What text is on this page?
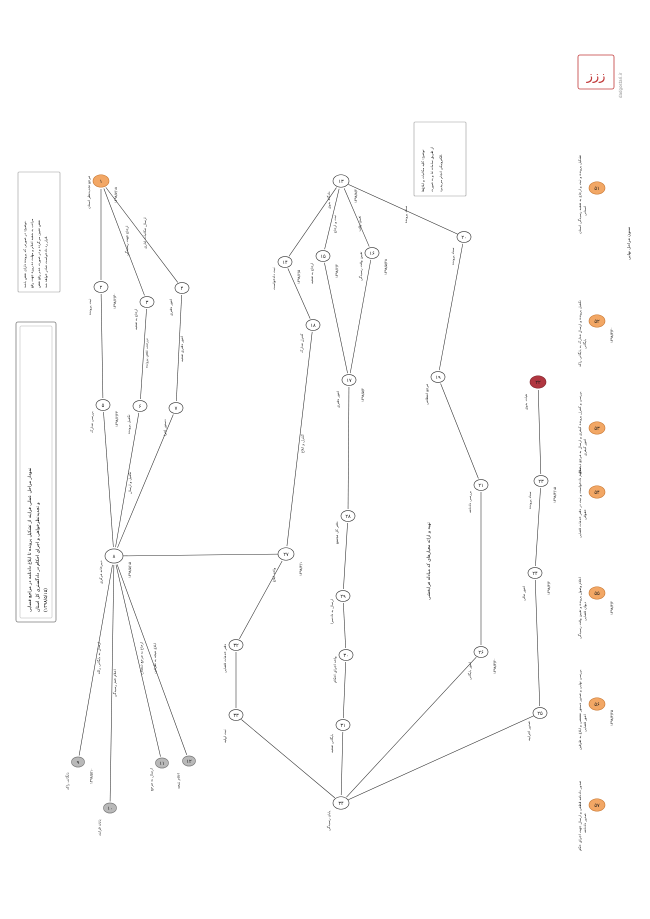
ارجاع جهت رسیدگی	ارسال مکاتبات اداری
بررسی نقص پرونده	امور دفتری شعبه
تکمیل و ارسال
ارسال به بایگانی راکد
اعلام ختم رسیدگی
ارجاع به مرجع ذیصلاح	ابلاغ نتیجه به طرفین
ثبت و ارجاع	تعیین وقت
ستاد پرونده
کنترل و ابلاغ
۱
مرجع تجدیدنظر استان	۱۳۹۸/۷/۱۸
۲
ثبت پرونده	۱۳۹۸/۶/۳۰	۳
ارجاع به شعبه
۴
امور دفتری
۵
بررسی مدارک	۱۳۹۸/۶/۲۴
۶
تکمیل پرونده
۷
دستور اجرا
۸
دبیرخانه مرکزی	۱۳۹۸/۵/۱۵
۹
بایگانی راکد	۱۳۹۸/۵/۱۰
۱۰
پایان فرایند
۱۱
ارسال به مرجع
۱۲
اعلام نتیجه
۱۳
دادگاه بدوی	۱۳۹۸/۸/۲
۱۴
ثبت دادخواست	۱۳۹۸/۶/۵
۱۵
ارجاع به شعبه	۱۳۹۸/۶/۲
۱۶
تعیین وقت رسیدگی	۱۳۹۸/۵/۲۸
۱۷
امور دفتری	۱۳۹۸/۵/۲
۱۸
کنترل مدارک
۱۹
مرجع انتظامی
۲۰
ستاد پرونده
۲۱
بررسی دادنامه
۲۲
هیات بدوی
۲۳
ستاد پرونده	۱۳۹۸/۴/۱۵
۲۴
امور مالی	۱۳۹۸/۴/۲
۲۵
صدور اجراییه
۲۶
امور بایگانی	۱۳۹۸/۳/۲۰
۲۷
واحد ابلاغ	۱۳۹۸/۴/۱
۲۸
دفتر کل مجتمع
۲۹
ارسال به دادسرا
۳۰
واحد اجرای احکام
۳۱
بایگانی شعبه
۳۲
دفتر خدمات قضایی
۳۳
ثبت اولیه
۳۴
پایان رسیدگی
۵۱
استانی
۵۲
بایگانی
۱۳۹۸/۳/۲۰
۵۳
امور کیفری
۵۴
حقوقی
۵۵
دیوان قضایی	۱۳۹۸/۴/۲
۵۶
امور قضایی	۱۳۹۸/۴/۲۵
۵۷
صدور دادنامه
تشکیل پرونده و ثبت و ارجاع به شعبه رسیدگی استان
تکمیل پرونده و ارسال مدارک به بایگانی راکد
بررسی و کنترل پرونده کیفری و ارسال به مرجع ذیصلاح
تنظیم دادخواست و ثبت در دفتر خدمات قضایی
اعلام وصول پرونده و تعیین وقت رسیدگی
بررسی نهایی و صدور دستور مقتضی و ابلاغ به طرفین
صدور دادنامه قطعی و ارسال جهت اجرای حکم
نمودار مراحل عملی فرایند از تشکیل پرونده تا ابلاغ دادنامه در مراجع قضایی و تجدیدنظرخواهی و اجرای احکام در دادگستری کل استان (۱۳۹۸/۵/۱۵)
توضیح: در صورتی که پرونده دارای نقص باشد، مراتب به شعبه اعلام و مهلت ده روزه جهت رفع نقص تعیین می‌گردد و در صورت عدم رفع نقص قرار رد دادخواست صادر خواهد شد.
توضیح: کلیه مکاتبات و ابلاغ‌ها از طریق سامانه ثنا و به صورت الکترونیکی انجام می‌پذیرد.
تهیه و ارائه معیارهای کد مبادله فرابخشی
ستون مراحل نهایی
ززز	dadgostari.ir
